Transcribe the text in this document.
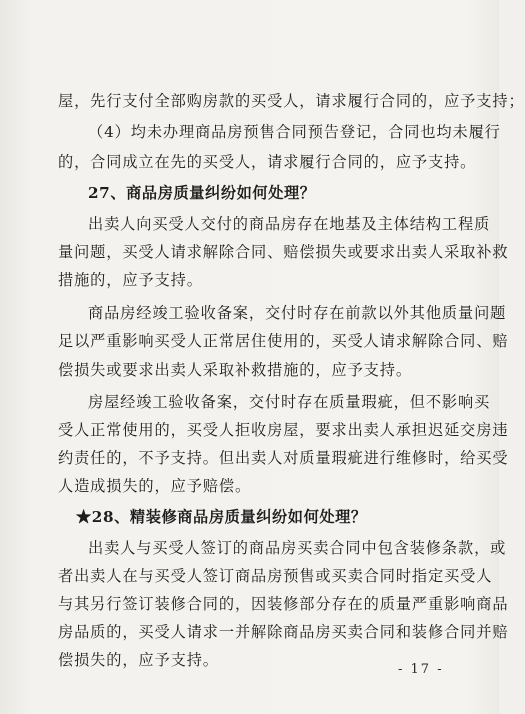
屋，先行支付全部购房款的买受人，请求履行合同的，应予支持；
（4）均未办理商品房预售合同预告登记，合同也均未履行
的，合同成立在先的买受人，请求履行合同的，应予支持。
27、商品房质量纠纷如何处理？
出卖人向买受人交付的商品房存在地基及主体结构工程质
量问题，买受人请求解除合同、赔偿损失或要求出卖人采取补救
措施的，应予支持。
商品房经竣工验收备案，交付时存在前款以外其他质量问题
足以严重影响买受人正常居住使用的，买受人请求解除合同、赔
偿损失或要求出卖人采取补救措施的，应予支持。
房屋经竣工验收备案，交付时存在质量瑕疵，但不影响买
受人正常使用的，买受人拒收房屋，要求出卖人承担迟延交房违
约责任的，不予支持。但出卖人对质量瑕疵进行维修时，给买受
人造成损失的，应予赔偿。
★28、精装修商品房质量纠纷如何处理？
出卖人与买受人签订的商品房买卖合同中包含装修条款，或
者出卖人在与买受人签订商品房预售或买卖合同时指定买受人
与其另行签订装修合同的，因装修部分存在的质量严重影响商品
房品质的，买受人请求一并解除商品房买卖合同和装修合同并赔
偿损失的，应予支持。
- 17 -
